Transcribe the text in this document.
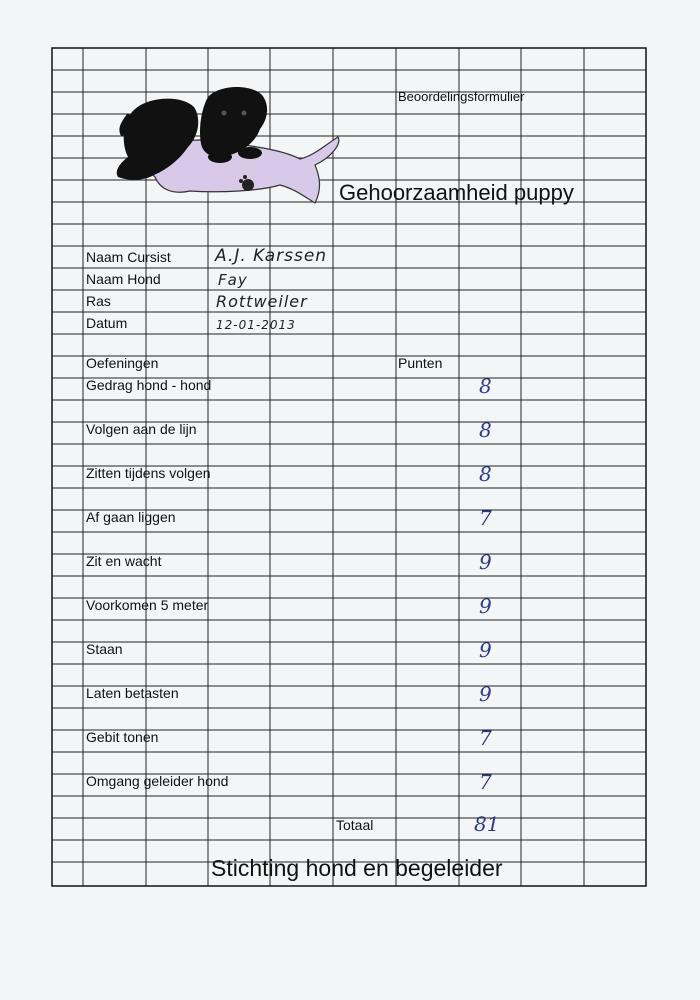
Beoordelingsformulier
Gehoorzaamheid puppy
Naam Cursist	A.J. Karssen
Naam Hond	Fay
Ras	Rottweiler
Datum	12-01-2013
Oefeningen	Punten
Gedrag hond - hond	8
Volgen aan de lijn	8
Zitten tijdens volgen	8
Af gaan liggen	7
Zit en wacht	9
Voorkomen 5 meter	9
Staan	9
Laten betasten	9
Gebit tonen	7
Omgang geleider hond	7
Totaal	81
Stichting hond en begeleider
